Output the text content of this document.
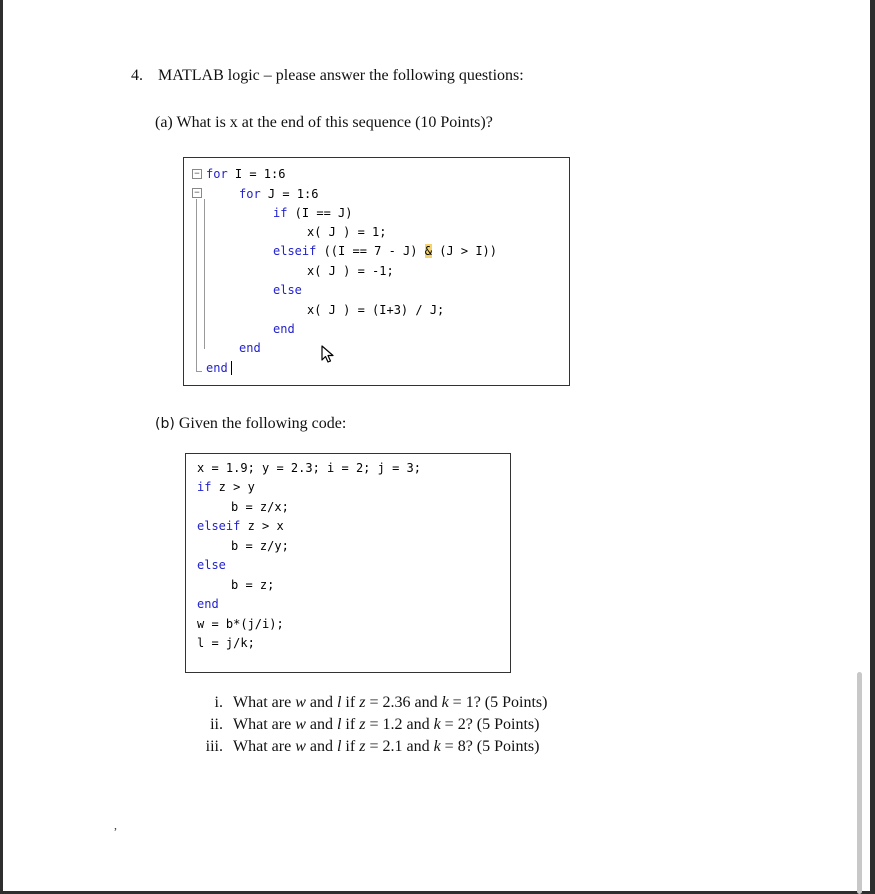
4. MATLAB logic – please answer the following questions:
(a) What is x at the end of this sequence (10 Points)?
−
−
for I = 1:6
for J = 1:6
if (I == J)
x( J ) = 1;
elseif ((I == 7 - J) & (J > I))
x( J ) = -1;
else
x( J ) = (I+3) / J;
end
end
end
(b) Given the following code:
x = 1.9; y = 2.3; i = 2; j = 3;
if z > y
b = z/x;
elseif z > x
b = z/y;
else
b = z;
end
w = b*(j/i);
l = j/k;
i. What are w and l if z = 2.36 and k = 1? (5 Points)
ii. What are w and l if z = 1.2 and k = 2? (5 Points)
iii. What are w and l if z = 2.1 and k = 8? (5 Points)
,
